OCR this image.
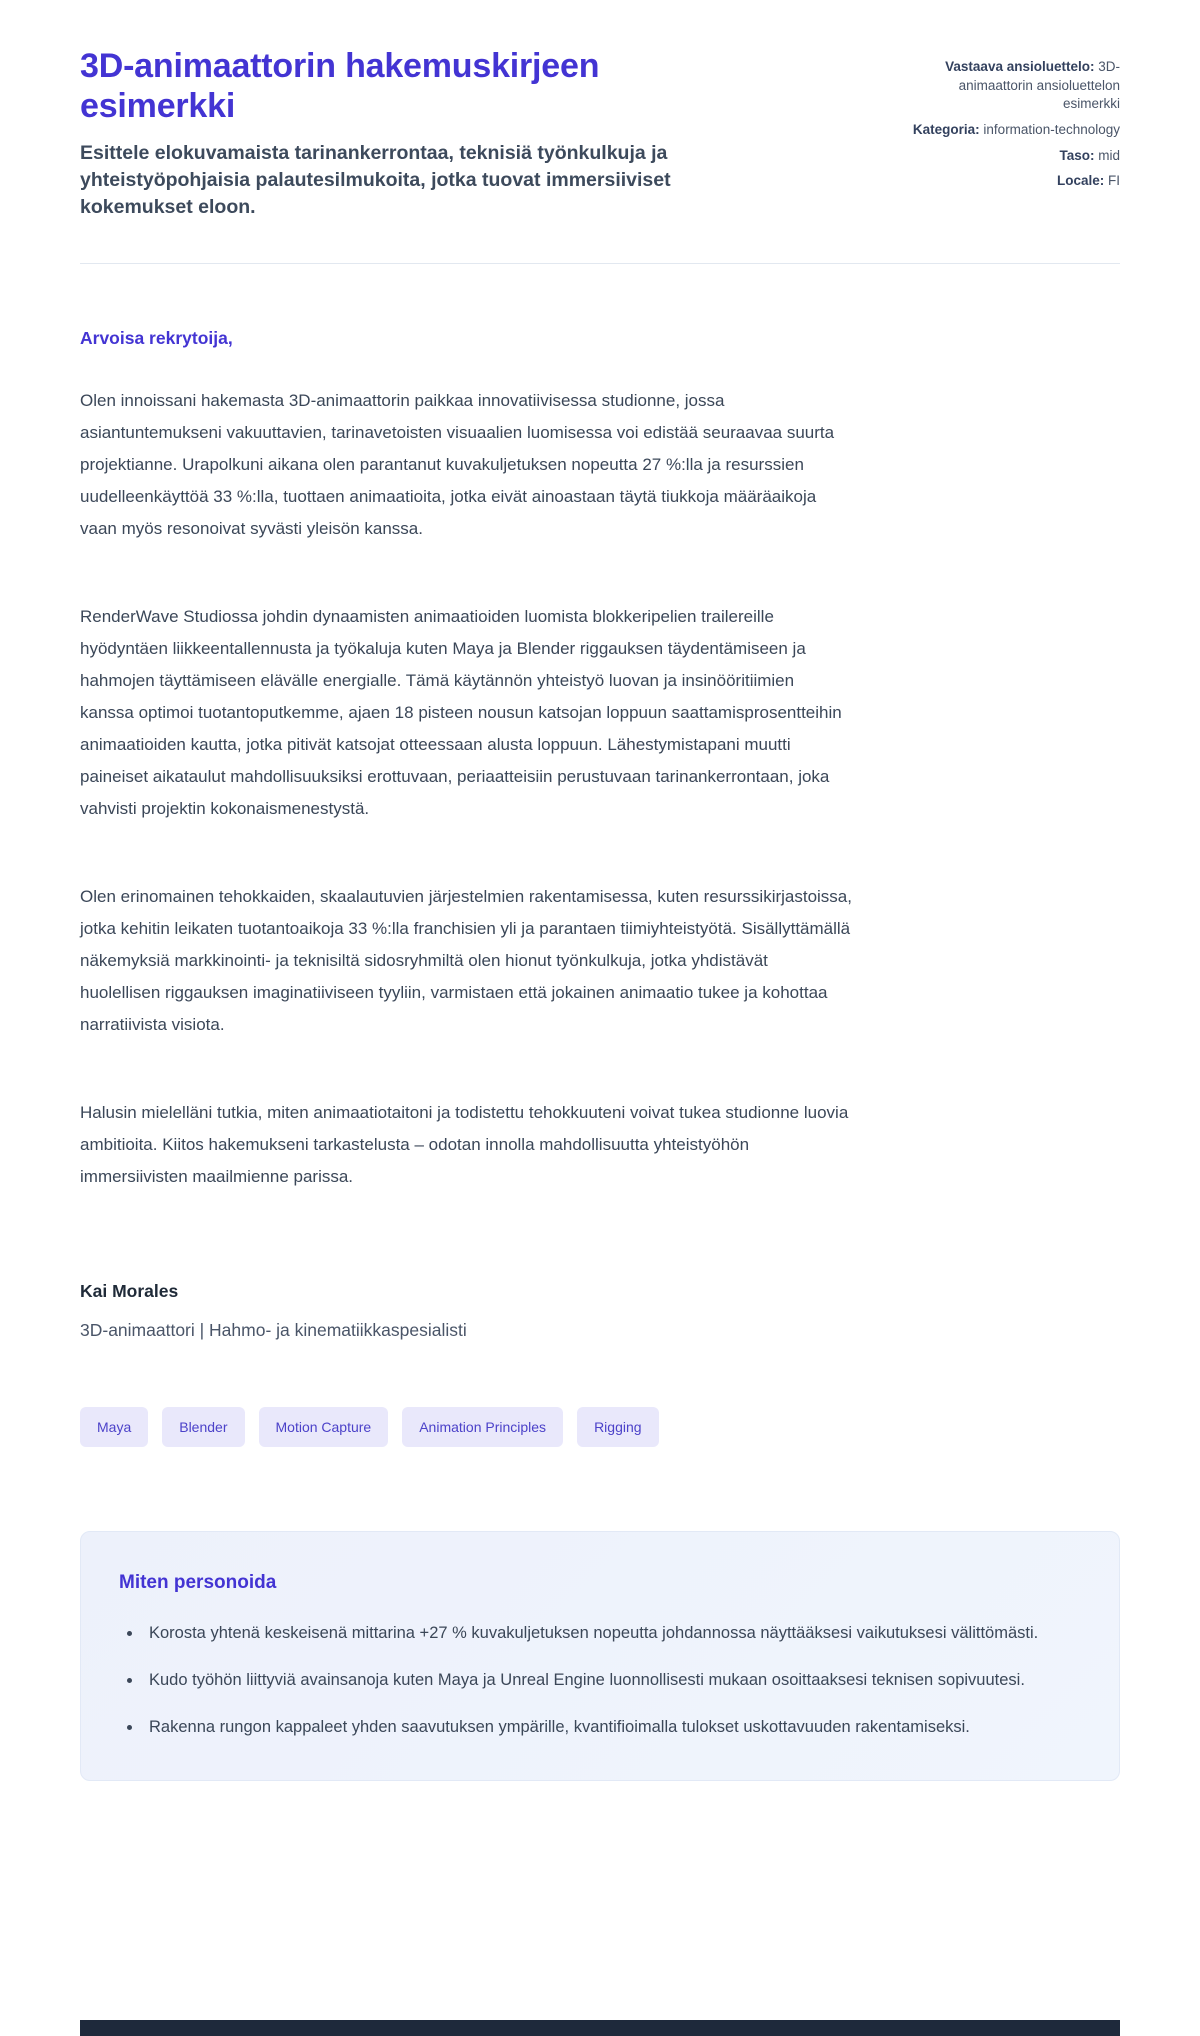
3D-animaattorin hakemuskirjeen esimerkki

Esittele elokuvamaista tarinankerrontaa, teknisiä työnkulkuja ja yhteistyöpohjaisia palautesilmukoita, jotka tuovat immersiiviset kokemukset eloon.

Vastaava ansioluettelo: 3D-animaattorin ansioluettelon esimerkki
Kategoria: information-technology
Taso: mid
Locale: FI

Arvoisa rekrytoija,

Olen innoissani hakemasta 3D-animaattorin paikkaa innovatiivisessa studionne, jossa asiantuntemukseni vakuuttavien, tarinavetoisten visuaalien luomisessa voi edistää seuraavaa suurta projektianne. Urapolkuni aikana olen parantanut kuvakuljetuksen nopeutta 27 %:lla ja resurssien uudelleenkäyttöä 33 %:lla, tuottaen animaatioita, jotka eivät ainoastaan täytä tiukkoja määräaikoja vaan myös resonoivat syvästi yleisön kanssa.

RenderWave Studiossa johdin dynaamisten animaatioiden luomista blokkeripelien trailereille hyödyntäen liikkeentallennusta ja työkaluja kuten Maya ja Blender riggauksen täydentämiseen ja hahmojen täyttämiseen elävälle energialle. Tämä käytännön yhteistyö luovan ja insinööritiimien kanssa optimoi tuotantoputkemme, ajaen 18 pisteen nousun katsojan loppuun saattamisprosentteihin animaatioiden kautta, jotka pitivät katsojat otteessaan alusta loppuun. Lähestymistapani muutti paineiset aikataulut mahdollisuuksiksi erottuvaan, periaatteisiin perustuvaan tarinankerrontaan, joka vahvisti projektin kokonaismenestystä.

Olen erinomainen tehokkaiden, skaalautuvien järjestelmien rakentamisessa, kuten resurssikirjastoissa, jotka kehitin leikaten tuotantoaikoja 33 %:lla franchisien yli ja parantaen tiimiyhteistyötä. Sisällyttämällä näkemyksiä markkinointi- ja teknisiltä sidosryhmiltä olen hionut työnkulkuja, jotka yhdistävät huolellisen riggauksen imaginatiiviseen tyyliin, varmistaen että jokainen animaatio tukee ja kohottaa narratiivista visiota.

Halusin mielelläni tutkia, miten animaatiotaitoni ja todistettu tehokkuuteni voivat tukea studionne luovia ambitioita. Kiitos hakemukseni tarkastelusta – odotan innolla mahdollisuutta yhteistyöhön immersiivisten maailmienne parissa.

Kai Morales

3D-animaattori | Hahmo- ja kinematiikkaspesialisti

Maya	Blender	Motion Capture	Animation Principles	Rigging
Miten personoida
• Korosta yhtenä keskeisenä mittarina +27 % kuvakuljetuksen nopeutta johdannossa näyttääksesi vaikutuksesi välittömästi.
• Kudo työhön liittyviä avainsanoja kuten Maya ja Unreal Engine luonnollisesti mukaan osoittaaksesi teknisen sopivuutesi.
• Rakenna rungon kappaleet yhden saavutuksen ympärille, kvantifioimalla tulokset uskottavuuden rakentamiseksi.
